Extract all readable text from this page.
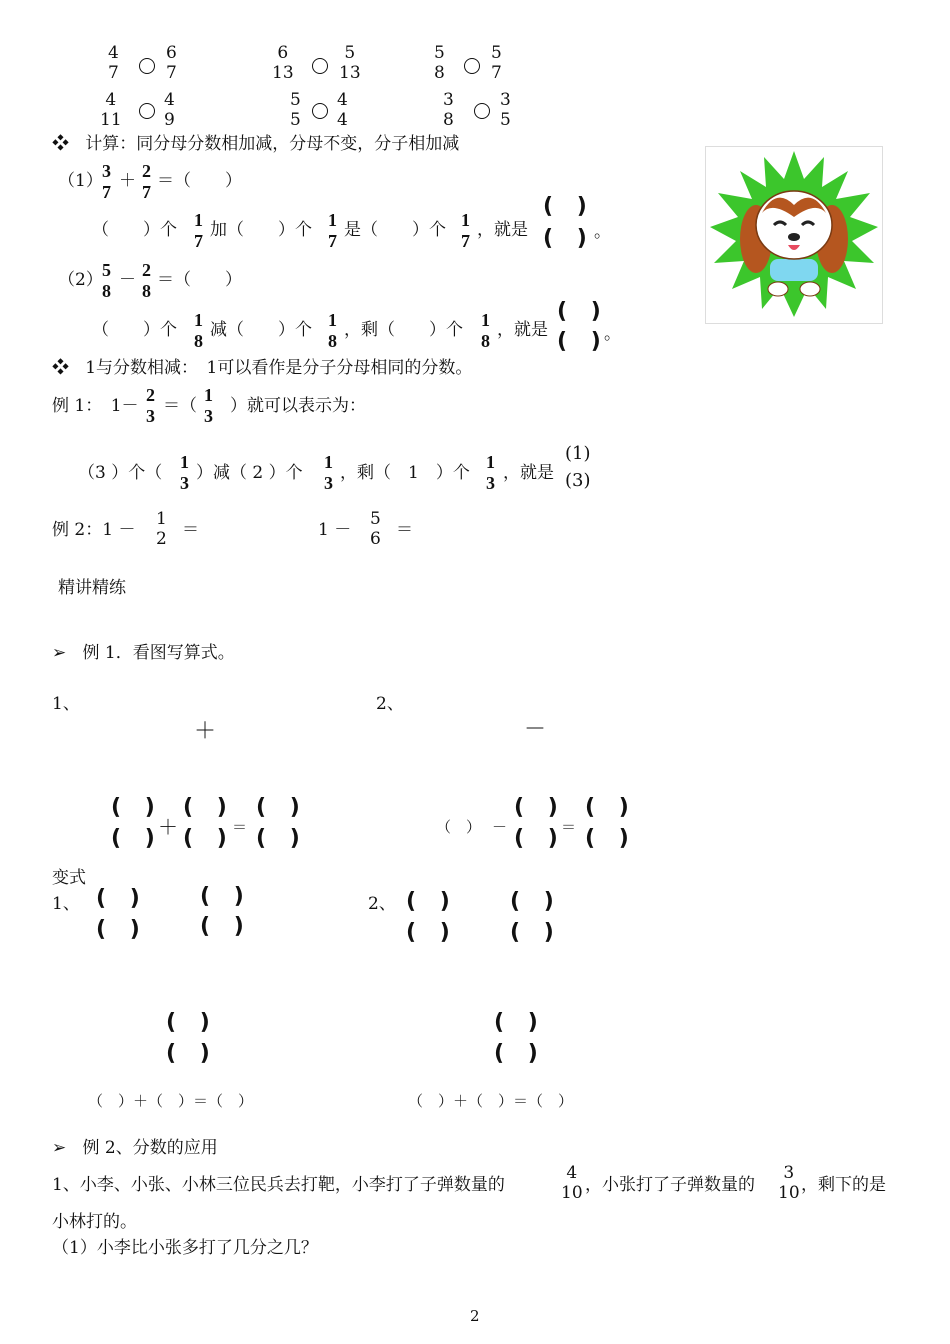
4
7
6
7
6
13
5
13
5
8
5
7
4
11
4
9
5
5
4
4
3
8
3
5
❖ 计算：同分母分数相加减，分母不变，分子相加减
（1） 3
7
＋ 2
7
＝（　　）
（　　）个 1
7
加（　　）个 1
7
是（　　）个 1
7
，就是
( )
( ) 。
（2） 5
8
－ 2
8
＝（　　）
（　　）个 1
8
减（　　）个 1
8
，剩（　　）个 1
8
，就是
( )
( )
。
❖ 1与分数相减：　1可以看作是分子分母相同的分数。
例 1：　1－
2
3 ＝（
1
3 ）就可以表示为：
（3 ）个（
1
3 ）减（ 2 ）个
1
3 ，剩（　1　）个
1
3 ，就是
(1)
(3)
例 2：1 －
1
2 ＝	1 －
5
6 ＝
精讲精练
➢ 例 1．看图写算式。
1、	2、
＋	－
( )
( )
＋
( )
( )
＝
( )
( )	（　） －
( )
( )
＝
( )
( )
变式
1、 ( )
( )
( )
( )
2、 ( )
( )
( )
( )
( )
( )
( )
( )
（　）＋（　）＝（　）	（　）＋（　）＝（　）
➢ 例 2、分数的应用
1、小李、小张、小林三位民兵去打靶，小李打了子弹数量的
4
10 ，小张打了子弹数量的
3
10 ，剩下的是
小林打的。
（1）小李比小张多打了几分之几？
2
